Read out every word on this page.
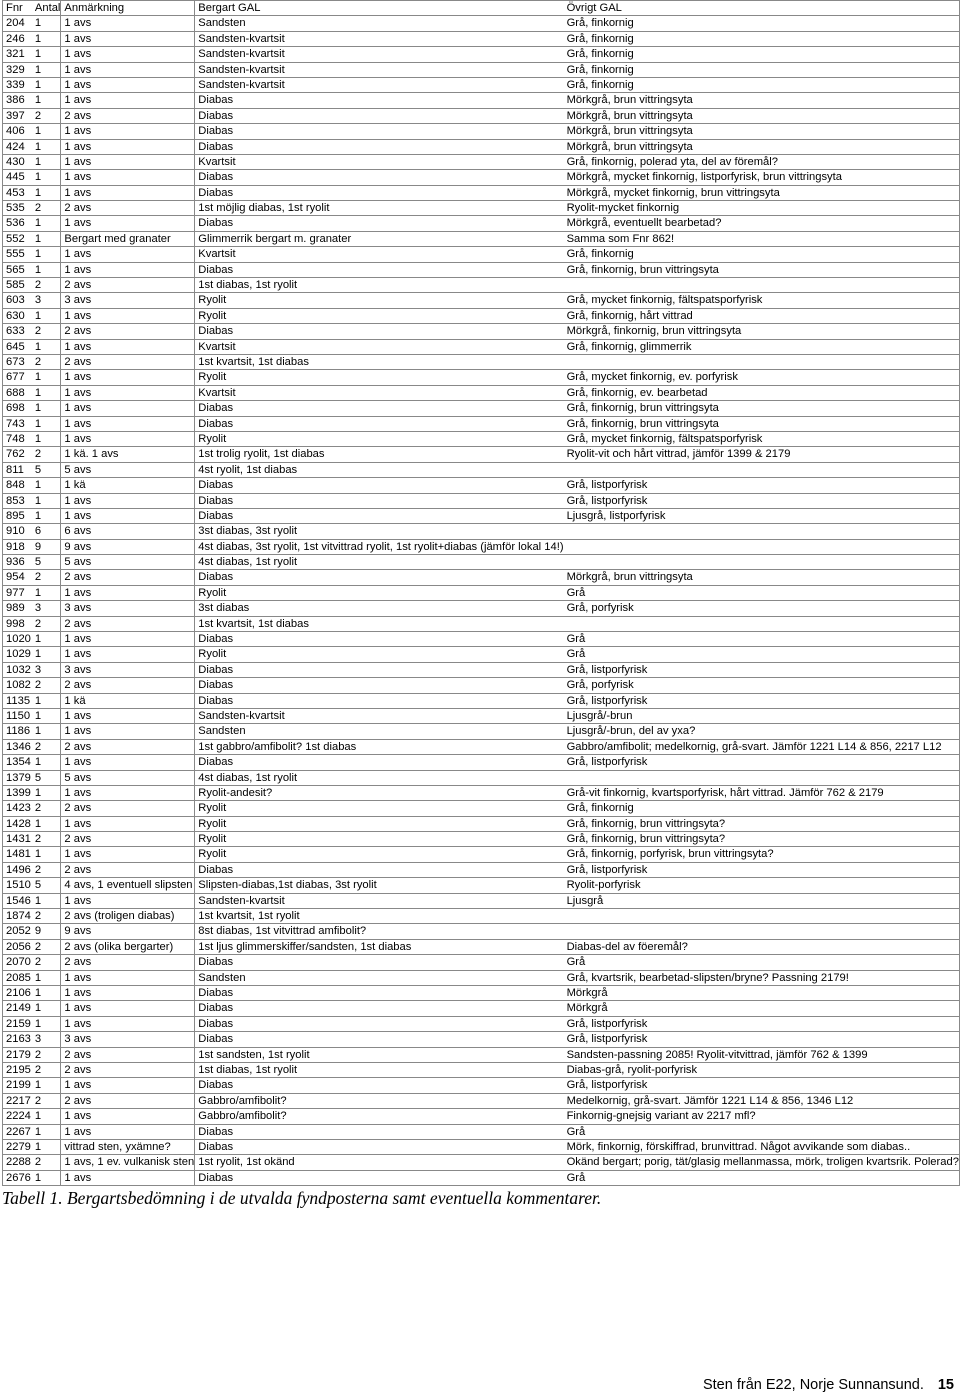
Fnr	Antal	Anmärkning	Bergart GAL	Övrigt GAL
204	1	1 avs	Sandsten	Grå, finkornig
246	1	1 avs	Sandsten-kvartsit	Grå, finkornig
321	1	1 avs	Sandsten-kvartsit	Grå, finkornig
329	1	1 avs	Sandsten-kvartsit	Grå, finkornig
339	1	1 avs	Sandsten-kvartsit	Grå, finkornig
386	1	1 avs	Diabas	Mörkgrå, brun vittringsyta
397	2	2 avs	Diabas	Mörkgrå, brun vittringsyta
406	1	1 avs	Diabas	Mörkgrå, brun vittringsyta
424	1	1 avs	Diabas	Mörkgrå, brun vittringsyta
430	1	1 avs	Kvartsit	Grå, finkornig, polerad yta, del av föremål?
445	1	1 avs	Diabas	Mörkgrå, mycket finkornig, listporfyrisk, brun vittringsyta
453	1	1 avs	Diabas	Mörkgrå, mycket finkornig, brun vittringsyta
535	2	2 avs	1st möjlig diabas, 1st ryolit	Ryolit-mycket finkornig
536	1	1 avs	Diabas	Mörkgrå, eventuellt bearbetad?
552	1	Bergart med granater	Glimmerrik bergart m. granater	Samma som Fnr 862!
555	1	1 avs	Kvartsit	Grå, finkornig
565	1	1 avs	Diabas	Grå, finkornig, brun vittringsyta
585	2	2 avs	1st diabas, 1st ryolit	
603	3	3 avs	Ryolit	Grå, mycket finkornig, fältspatsporfyrisk
630	1	1 avs	Ryolit	Grå, finkornig, hårt vittrad
633	2	2 avs	Diabas	Mörkgrå, finkornig, brun vittringsyta
645	1	1 avs	Kvartsit	Grå, finkornig, glimmerrik
673	2	2 avs	1st kvartsit, 1st diabas	
677	1	1 avs	Ryolit	Grå, mycket finkornig, ev. porfyrisk
688	1	1 avs	Kvartsit	Grå, finkornig, ev. bearbetad
698	1	1 avs	Diabas	Grå, finkornig, brun vittringsyta
743	1	1 avs	Diabas	Grå, finkornig, brun vittringsyta
748	1	1 avs	Ryolit	Grå, mycket finkornig, fältspatsporfyrisk
762	2	1 kä. 1 avs	1st trolig ryolit, 1st diabas	Ryolit-vit och hårt vittrad, jämför 1399 & 2179
811	5	5 avs	4st ryolit, 1st diabas	
848	1	1 kä	Diabas	Grå, listporfyrisk
853	1	1 avs	Diabas	Grå, listporfyrisk
895	1	1 avs	Diabas	Ljusgrå, listporfyrisk
910	6	6 avs	3st diabas, 3st ryolit	
918	9	9 avs	4st diabas, 3st ryolit, 1st vitvittrad ryolit, 1st ryolit+diabas (jämför lokal 14!)	
936	5	5 avs	4st diabas, 1st ryolit	
954	2	2 avs	Diabas	Mörkgrå, brun vittringsyta
977	1	1 avs	Ryolit	Grå
989	3	3 avs	3st diabas	Grå, porfyrisk
998	2	2 avs	1st kvartsit, 1st diabas	
1020	1	1 avs	Diabas	Grå
1029	1	1 avs	Ryolit	Grå
1032	3	3 avs	Diabas	Grå, listporfyrisk
1082	2	2 avs	Diabas	Grå, porfyrisk
1135	1	1 kä	Diabas	Grå, listporfyrisk
1150	1	1 avs	Sandsten-kvartsit	Ljusgrå/-brun
1186	1	1 avs	Sandsten	Ljusgrå/-brun, del av yxa?
1346	2	2 avs	1st gabbro/amfibolit? 1st diabas	Gabbro/amfibolit; medelkornig, grå-svart. Jämför 1221 L14 & 856, 2217 L12
1354	1	1 avs	Diabas	Grå, listporfyrisk
1379	5	5 avs	4st diabas, 1st ryolit	
1399	1	1 avs	Ryolit-andesit?	Grå-vit finkornig, kvartsporfyrisk, hårt vittrad. Jämför 762 & 2179
1423	2	2 avs	Ryolit	Grå, finkornig
1428	1	1 avs	Ryolit	Grå, finkornig, brun vittringsyta?
1431	2	2 avs	Ryolit	Grå, finkornig, brun vittringsyta?
1481	1	1 avs	Ryolit	Grå, finkornig, porfyrisk, brun vittringsyta?
1496	2	2 avs	Diabas	Grå, listporfyrisk
1510	5	4 avs, 1 eventuell slipsten	Slipsten-diabas,1st diabas, 3st ryolit	Ryolit-porfyrisk
1546	1	1 avs	Sandsten-kvartsit	Ljusgrå
1874	2	2 avs (troligen diabas)	1st kvartsit, 1st ryolit	
2052	9	9 avs	8st diabas, 1st vitvittrad amfibolit?	
2056	2	2 avs (olika bergarter)	1st ljus glimmerskiffer/sandsten, 1st diabas	Diabas-del av föeremål?
2070	2	2 avs	Diabas	Grå
2085	1	1 avs	Sandsten	Grå, kvartsrik, bearbetad-slipsten/bryne? Passning 2179!
2106	1	1 avs	Diabas	Mörkgrå
2149	1	1 avs	Diabas	Mörkgrå
2159	1	1 avs	Diabas	Grå, listporfyrisk
2163	3	3 avs	Diabas	Grå, listporfyrisk
2179	2	2 avs	1st sandsten, 1st ryolit	Sandsten-passning 2085! Ryolit-vitvittrad, jämför 762 & 1399
2195	2	2 avs	1st diabas, 1st ryolit	Diabas-grå, ryolit-porfyrisk
2199	1	1 avs	Diabas	Grå, listporfyrisk
2217	2	2 avs	Gabbro/amfibolit?	Medelkornig, grå-svart. Jämför 1221 L14 & 856, 1346 L12
2224	1	1 avs	Gabbro/amfibolit?	Finkornig-gnejsig variant av 2217 mfl?
2267	1	1 avs	Diabas	Grå
2279	1	vittrad sten, yxämne?	Diabas	Mörk, finkornig, förskiffrad, brunvittrad. Något avvikande som diabas..
2288	2	1 avs, 1 ev. vulkanisk sten	1st ryolit, 1st okänd	Okänd bergart; porig, tät/glasig mellanmassa, mörk, troligen kvartsrik. Polerad?
2676	1	1 avs	Diabas	Grå
Tabell 1. Bergartsbedömning i de utvalda fyndposterna samt eventuella kommentarer.
Sten från E22, Norje Sunnansund. 15
